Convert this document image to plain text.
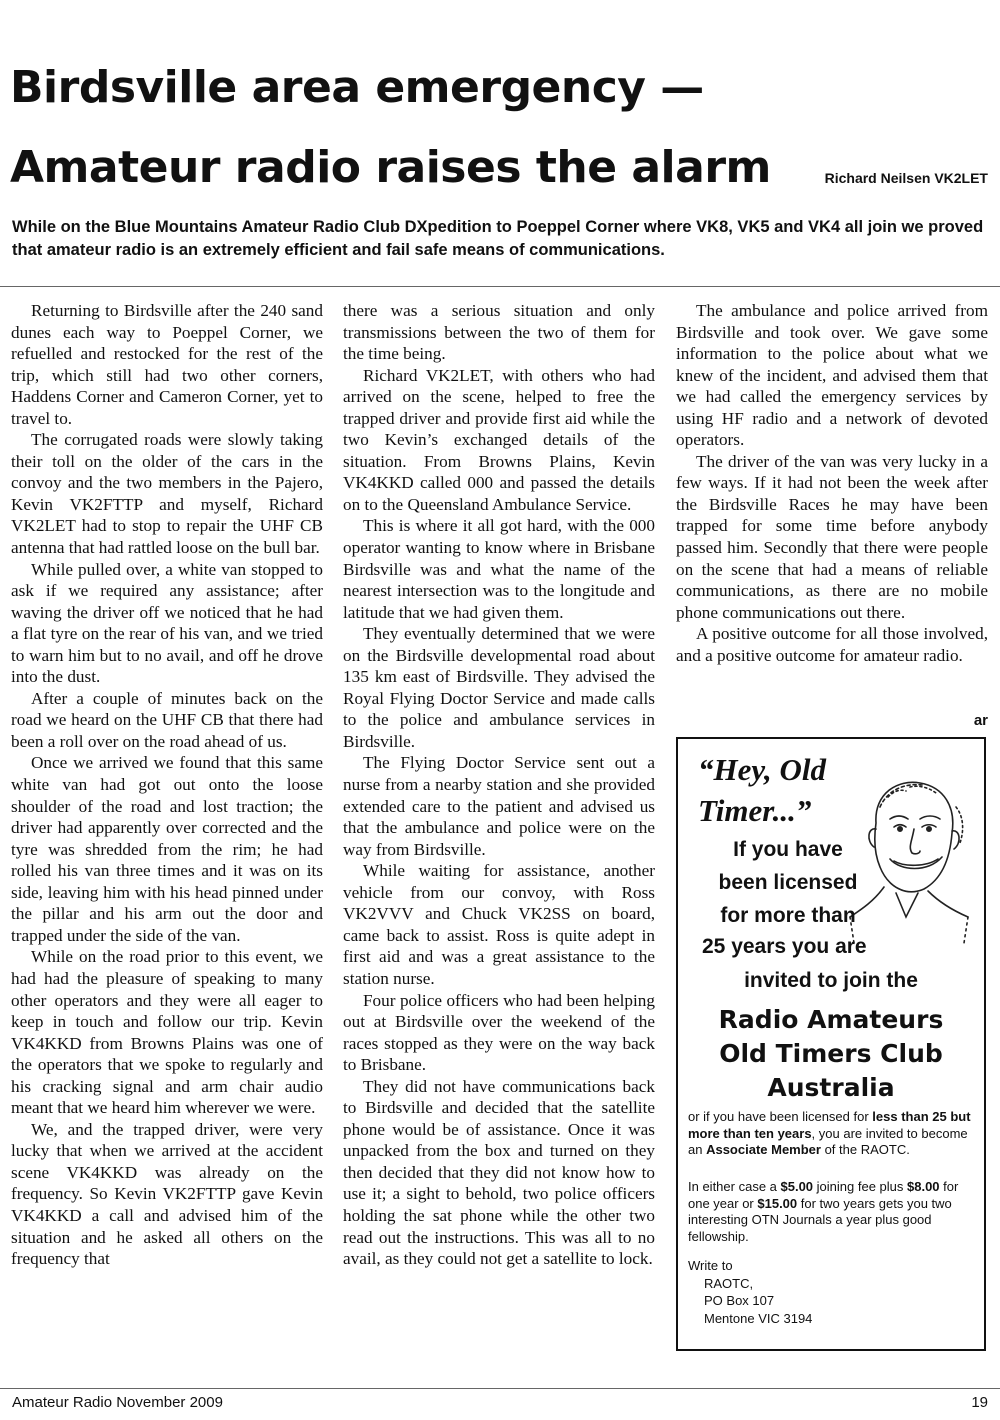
Birdsville area emergency —
Amateur radio raises the alarm	Richard Neilsen VK2LET
While on the Blue Mountains Amateur Radio Club DXpedition to Poeppel Corner where VK8, VK5 and VK4 all join we proved that amateur radio is an extremely efficient and fail safe means of communications.

Returning to Birdsville after the 240 sand dunes each way to Poeppel Corner, we refuelled and restocked for the rest of the trip, which still had two other corners, Haddens Corner and Cameron Corner, yet to travel to.

The corrugated roads were slowly taking their toll on the older of the cars in the convoy and the two members in the Pajero, Kevin VK2FTTP and myself, Richard VK2LET had to stop to repair the UHF CB antenna that had rattled loose on the bull bar.

While pulled over, a white van stopped to ask if we required any assistance; after waving the driver off we noticed that he had a flat tyre on the rear of his van, and we tried to warn him but to no avail, and off he drove into the dust.

After a couple of minutes back on the road we heard on the UHF CB that there had been a roll over on the road ahead of us.

Once we arrived we found that this same white van had got out onto the loose shoulder of the road and lost traction; the driver had apparently over corrected and the tyre was shredded from the rim; he had rolled his van three times and it was on its side, leaving him with his head pinned under the pillar and his arm out the door and trapped under the side of the van.

While on the road prior to this event, we had had the pleasure of speaking to many other operators and they were all eager to keep in touch and follow our trip. Kevin VK4KKD from Browns Plains was one of the operators that we spoke to regularly and his cracking signal and arm chair audio meant that we heard him wherever we were.

We, and the trapped driver, were very lucky that when we arrived at the accident scene VK4KKD was already on the frequency. So Kevin VK2FTTP gave Kevin VK4KKD a call and advised him of the situation and he asked all others on the frequency that

there was a serious situation and only transmissions between the two of them for the time being.

Richard VK2LET, with others who had arrived on the scene, helped to free the trapped driver and provide first aid while the two Kevin’s exchanged details of the situation. From Browns Plains, Kevin VK4KKD called 000 and passed the details on to the Queensland Ambulance Service.

This is where it all got hard, with the 000 operator wanting to know where in Brisbane Birdsville was and what the name of the nearest intersection was to the longitude and latitude that we had given them.

They eventually determined that we were on the Birdsville developmental road about 135 km east of Birdsville. They advised the Royal Flying Doctor Service and made calls to the police and ambulance services in Birdsville.

The Flying Doctor Service sent out a nurse from a nearby station and she provided extended care to the patient and advised us that the ambulance and police were on the way from Birdsville.

While waiting for assistance, another vehicle from our convoy, with Ross VK2VVV and Chuck VK2SS on board, came back to assist. Ross is quite adept in first aid and was a great assistance to the station nurse.

Four police officers who had been helping out at Birdsville over the weekend of the races stopped as they were on the way back to Brisbane.

They did not have communications back to Birdsville and decided that the satellite phone would be of assistance. Once it was unpacked from the box and turned on they then decided that they did not know how to use it; a sight to behold, two police officers holding the sat phone while the other two read out the instructions. This was all to no avail, as they could not get a satellite to lock.

The ambulance and police arrived from Birdsville and took over. We gave some information to the police about what we knew of the incident, and advised them that we had called the emergency services by using HF radio and a network of devoted operators.

The driver of the van was very lucky in a few ways. If it had not been the week after the Birdsville Races he may have been trapped for some time before anybody passed him. Secondly that there were people on the scene that had a means of reliable communications, as there are no mobile phone communications out there.

A positive outcome for all those involved, and a positive outcome for amateur radio.

ar
“Hey, Old Timer...”
If you have
been licensed
for more than
25 years you are
invited to join the
Radio Amateurs
Old Timers Club
Australia
or if you have been licensed for less than 25 but more than ten years, you are invited to become an Associate Member of the RAOTC.
In either case a $5.00 joining fee plus $8.00 for one year or $15.00 for two years gets you two interesting OTN Journals a year plus good fellowship.
Write to
RAOTC,
PO Box 107
Mentone VIC 3194
Amateur Radio November 2009	19
